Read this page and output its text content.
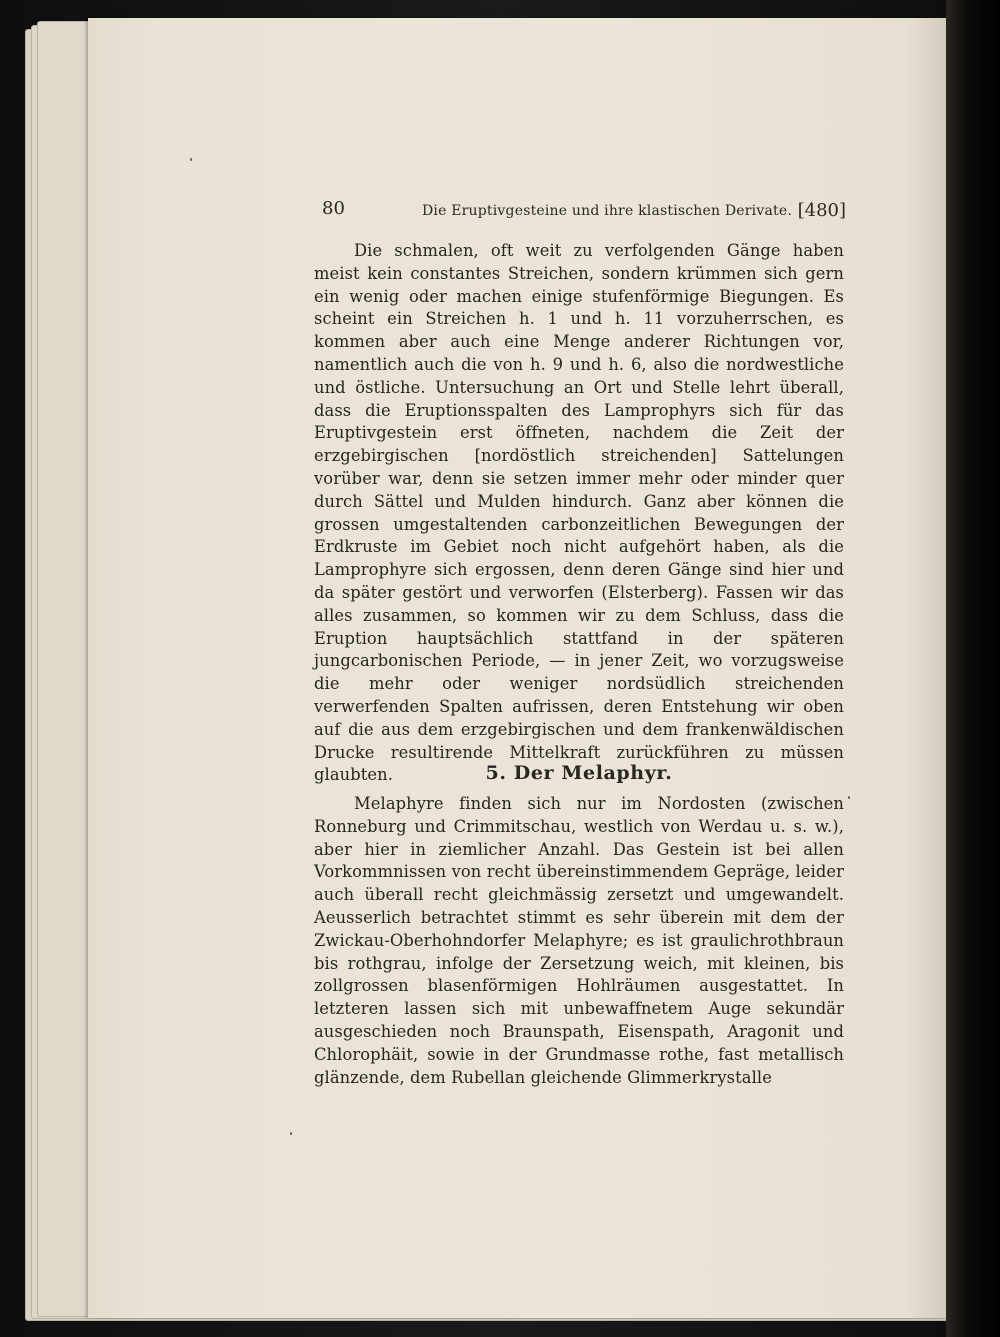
80	Die Eruptivgesteine und ihre klastischen Derivate. [480]

Die schmalen, oft weit zu verfolgenden Gänge haben meist kein constantes Streichen, sondern krümmen sich gern ein wenig oder machen einige stufenförmige Biegungen. Es scheint ein Streichen h. 1 und h. 11 vorzuherrschen, es kommen aber auch eine Menge anderer Richtungen vor, namentlich auch die von h. 9 und h. 6, also die nordwestliche und östliche. Untersuchung an Ort und Stelle lehrt überall, dass die Eruptionsspalten des Lamprophyrs sich für das Eruptivgestein erst öffneten, nachdem die Zeit der erzgebirgischen [nordöstlich streichenden] Sattelungen vorüber war, denn sie setzen immer mehr oder minder quer durch Sättel und Mulden hindurch. Ganz aber können die grossen umgestaltenden carbonzeitlichen Bewegungen der Erdkruste im Gebiet noch nicht aufgehört haben, als die Lamprophyre sich ergossen, denn deren Gänge sind hier und da später gestört und verworfen (Elsterberg). Fassen wir das alles zusammen, so kommen wir zu dem Schluss, dass die Eruption hauptsächlich stattfand in der späteren jungcarbonischen Periode, — in jener Zeit, wo vorzugsweise die mehr oder weniger nordsüdlich streichenden verwerfenden Spalten aufrissen, deren Entstehung wir oben auf die aus dem erzgebirgischen und dem frankenwäldischen Drucke resultirende Mittelkraft zurückführen zu müssen glaubten.	5. Der Melaphyr.

Melaphyre finden sich nur im Nordosten (zwischen Ronneburg und Crimmitschau, westlich von Werdau u. s. w.), aber hier in ziemlicher Anzahl. Das Gestein ist bei allen Vorkommnissen von recht übereinstimmendem Gepräge, leider auch überall recht gleichmässig zersetzt und umgewandelt. Aeusserlich betrachtet stimmt es sehr überein mit dem der Zwickau-Oberhohndorfer Melaphyre; es ist graulichrothbraun bis rothgrau, infolge der Zersetzung weich, mit kleinen, bis zollgrossen blasenförmigen Hohlräumen ausgestattet. In letzteren lassen sich mit unbewaffnetem Auge sekundär ausgeschieden noch Braunspath, Eisenspath, Aragonit und Chlorophäit, sowie in der Grundmasse rothe, fast metallisch glänzende, dem Rubellan gleichende Glimmerkrystalle
